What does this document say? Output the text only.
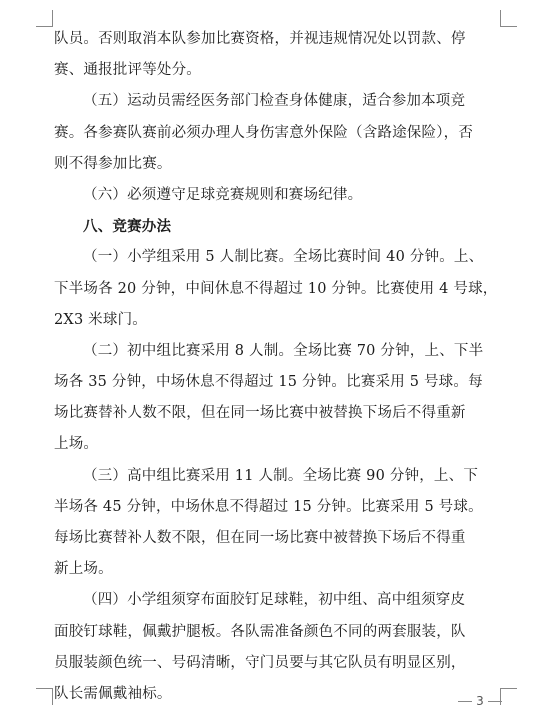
队员。否则取消本队参加比赛资格，并视违规情况处以罚款、停
赛、通报批评等处分。
（五）运动员需经医务部门检查身体健康，适合参加本项竞
赛。各参赛队赛前必须办理人身伤害意外保险（含路途保险），否
则不得参加比赛。
（六）必须遵守足球竞赛规则和赛场纪律。
八、竞赛办法
（一）小学组采用 5 人制比赛。全场比赛时间 40 分钟。上、
下半场各 20 分钟，中间休息不得超过 10 分钟。比赛使用 4 号球，
2X3 米球门。
（二）初中组比赛采用 8 人制。全场比赛 70 分钟，上、下半
场各 35 分钟，中场休息不得超过 15 分钟。比赛采用 5 号球。每
场比赛替补人数不限，但在同一场比赛中被替换下场后不得重新
上场。
（三）高中组比赛采用 11 人制。全场比赛 90 分钟，上、下
半场各 45 分钟，中场休息不得超过 15 分钟。比赛采用 5 号球。
每场比赛替补人数不限，但在同一场比赛中被替换下场后不得重
新上场。
（四）小学组须穿布面胶钉足球鞋，初中组、高中组须穿皮
面胶钉球鞋，佩戴护腿板。各队需准备颜色不同的两套服装，队
员服装颜色统一、号码清晰，守门员要与其它队员有明显区别，
队长需佩戴袖标。	3
